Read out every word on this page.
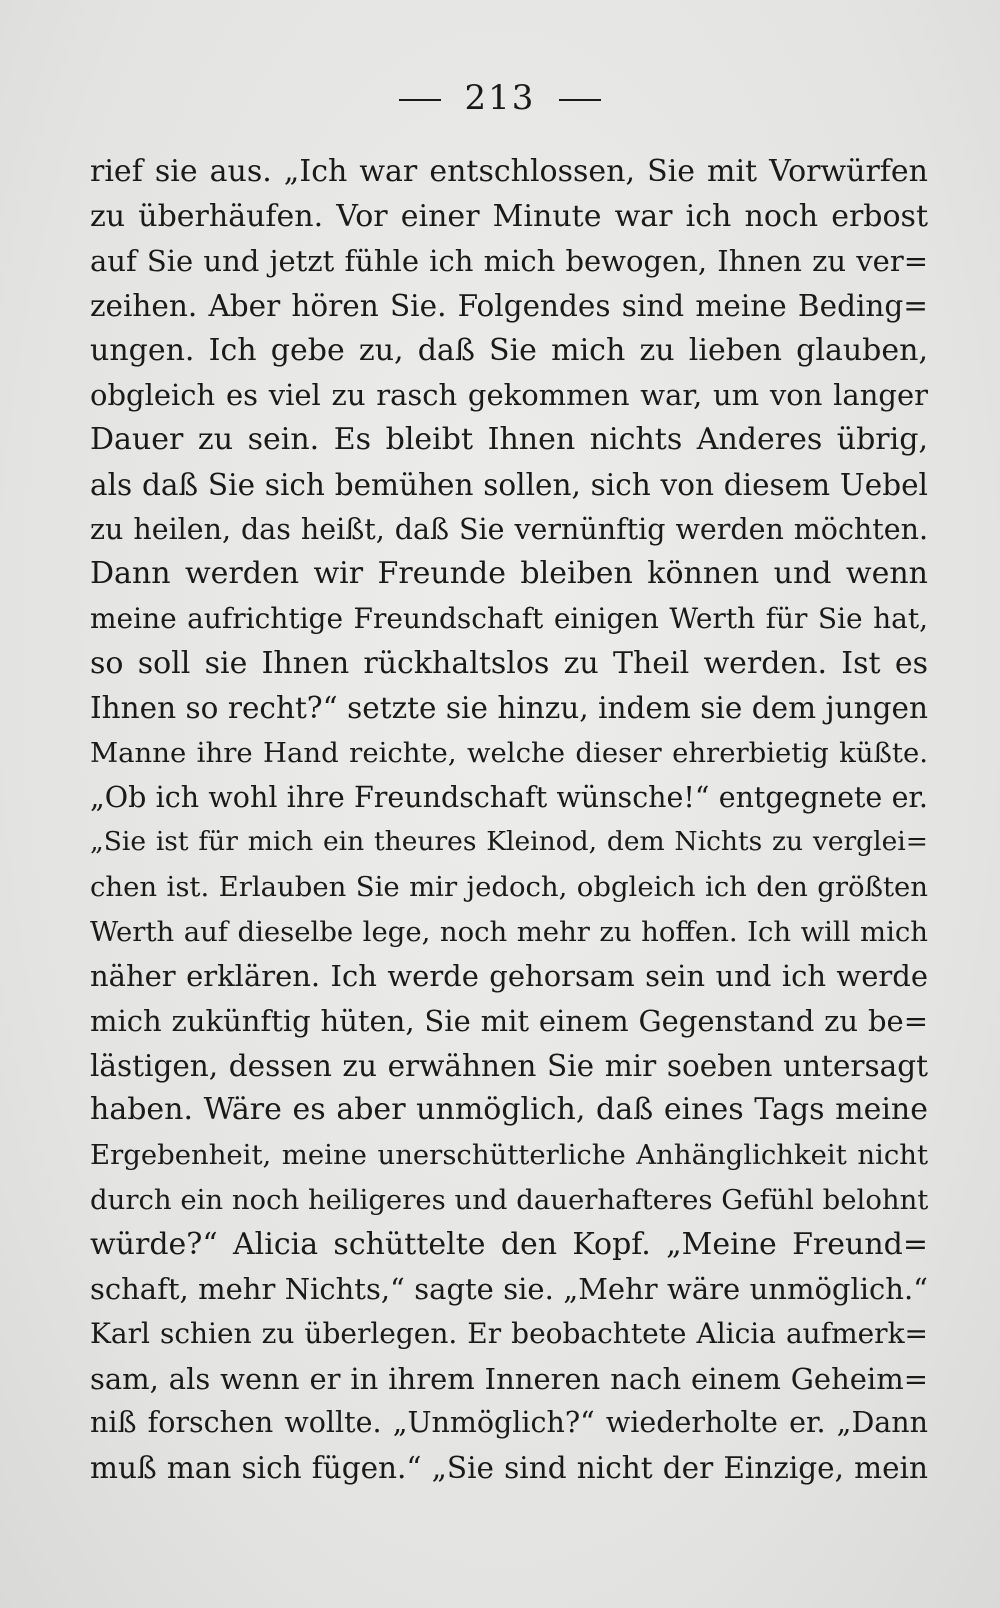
213
rief sie aus. „Ich war entschlossen, Sie mit Vorwürfen
zu überhäufen. Vor einer Minute war ich noch erbost
auf Sie und jetzt fühle ich mich bewogen, Ihnen zu ver=
zeihen. Aber hören Sie. Folgendes sind meine Beding=
ungen. Ich gebe zu, daß Sie mich zu lieben glauben,
obgleich es viel zu rasch gekommen war, um von langer
Dauer zu sein. Es bleibt Ihnen nichts Anderes übrig,
als daß Sie sich bemühen sollen, sich von diesem Uebel
zu heilen, das heißt, daß Sie vernünftig werden möchten.
Dann werden wir Freunde bleiben können und wenn
meine aufrichtige Freundschaft einigen Werth für Sie hat,
so soll sie Ihnen rückhaltslos zu Theil werden. Ist es
Ihnen so recht?“ setzte sie hinzu, indem sie dem jungen
Manne ihre Hand reichte, welche dieser ehrerbietig küßte.
„Ob ich wohl ihre Freundschaft wünsche!“ entgegnete er.
„Sie ist für mich ein theures Kleinod, dem Nichts zu verglei=
chen ist. Erlauben Sie mir jedoch, obgleich ich den größten
Werth auf dieselbe lege, noch mehr zu hoffen. Ich will mich
näher erklären. Ich werde gehorsam sein und ich werde
mich zukünftig hüten, Sie mit einem Gegenstand zu be=
lästigen, dessen zu erwähnen Sie mir soeben untersagt
haben. Wäre es aber unmöglich, daß eines Tags meine
Ergebenheit, meine unerschütterliche Anhänglichkeit nicht
durch ein noch heiligeres und dauerhafteres Gefühl belohnt
würde?“ Alicia schüttelte den Kopf. „Meine Freund=
schaft, mehr Nichts,“ sagte sie. „Mehr wäre unmöglich.“
Karl schien zu überlegen. Er beobachtete Alicia aufmerk=
sam, als wenn er in ihrem Inneren nach einem Geheim=
niß forschen wollte. „Unmöglich?“ wiederholte er. „Dann
muß man sich fügen.“ „Sie sind nicht der Einzige, mein
